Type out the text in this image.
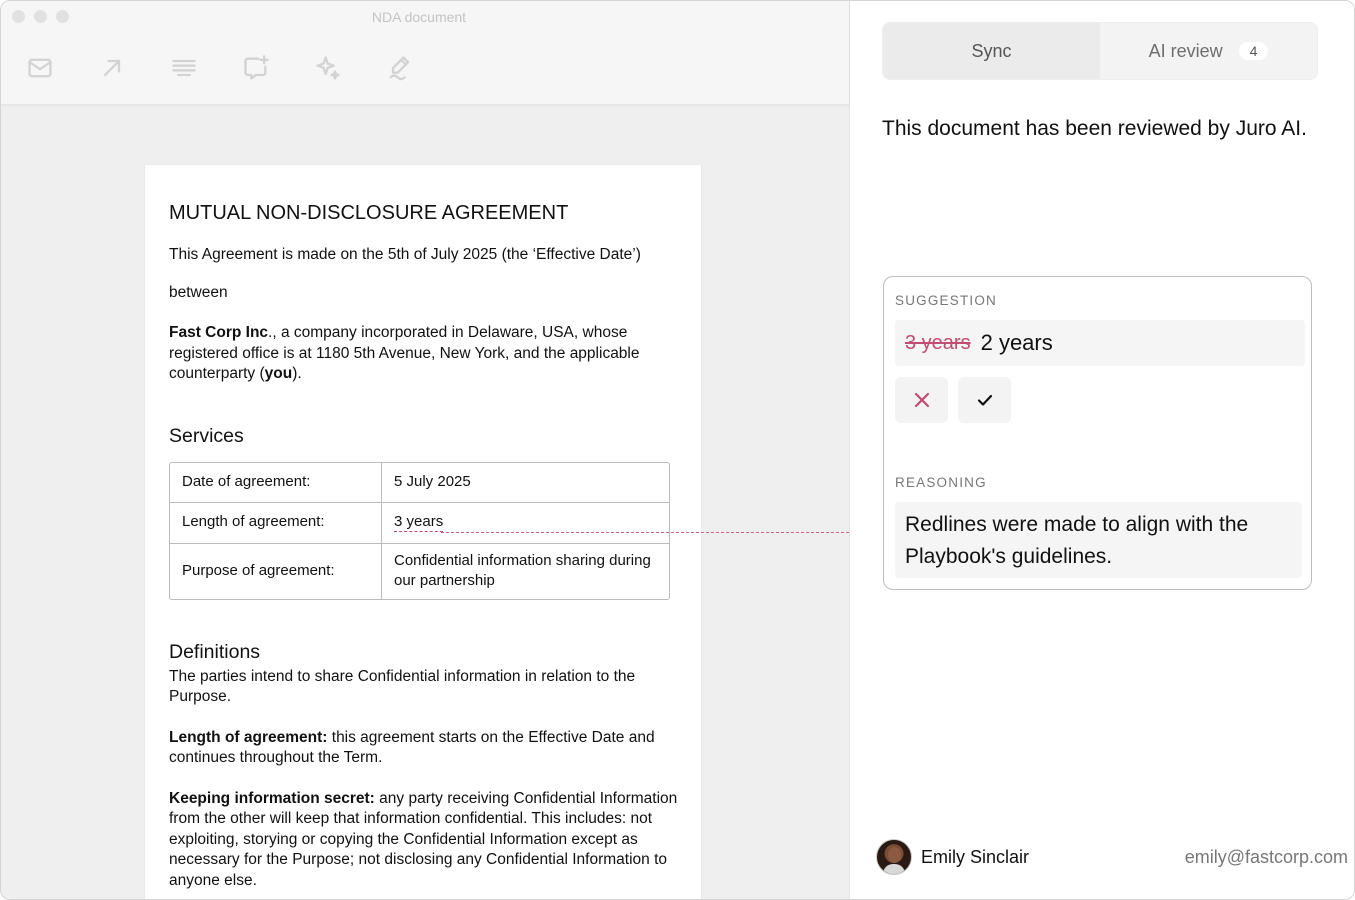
NDA document
MUTUAL NON-DISCLOSURE AGREEMENT

This Agreement is made on the 5th of July 2025 (the ‘Effective Date’)

between

Fast Corp Inc., a company incorporated in Delaware, USA, whose registered office is at 1180 5th Avenue, New York, and the applicable counterparty (you).

Services
Date of agreement:	5 July 2025
Length of agreement:	3 years
Purpose of agreement:	Confidential information sharing during our partnership
Definitions

The parties intend to share Confidential information in relation to the Purpose.

Length of agreement: this agreement starts on the Effective Date and continues throughout the Term.

Keeping information secret: any party receiving Confidential Information from the other will keep that information confidential. This includes: not exploiting, storying or copying the Confidential Information except as necessary for the Purpose; not disclosing any Confidential Information to anyone else.

Sync	AI review	4
This document has been reviewed by Juro AI.
SUGGESTION
3 years 2 years
REASONING
Redlines were made to align with the Playbook's guidelines.
Emily Sinclair	emily@fastcorp.com
